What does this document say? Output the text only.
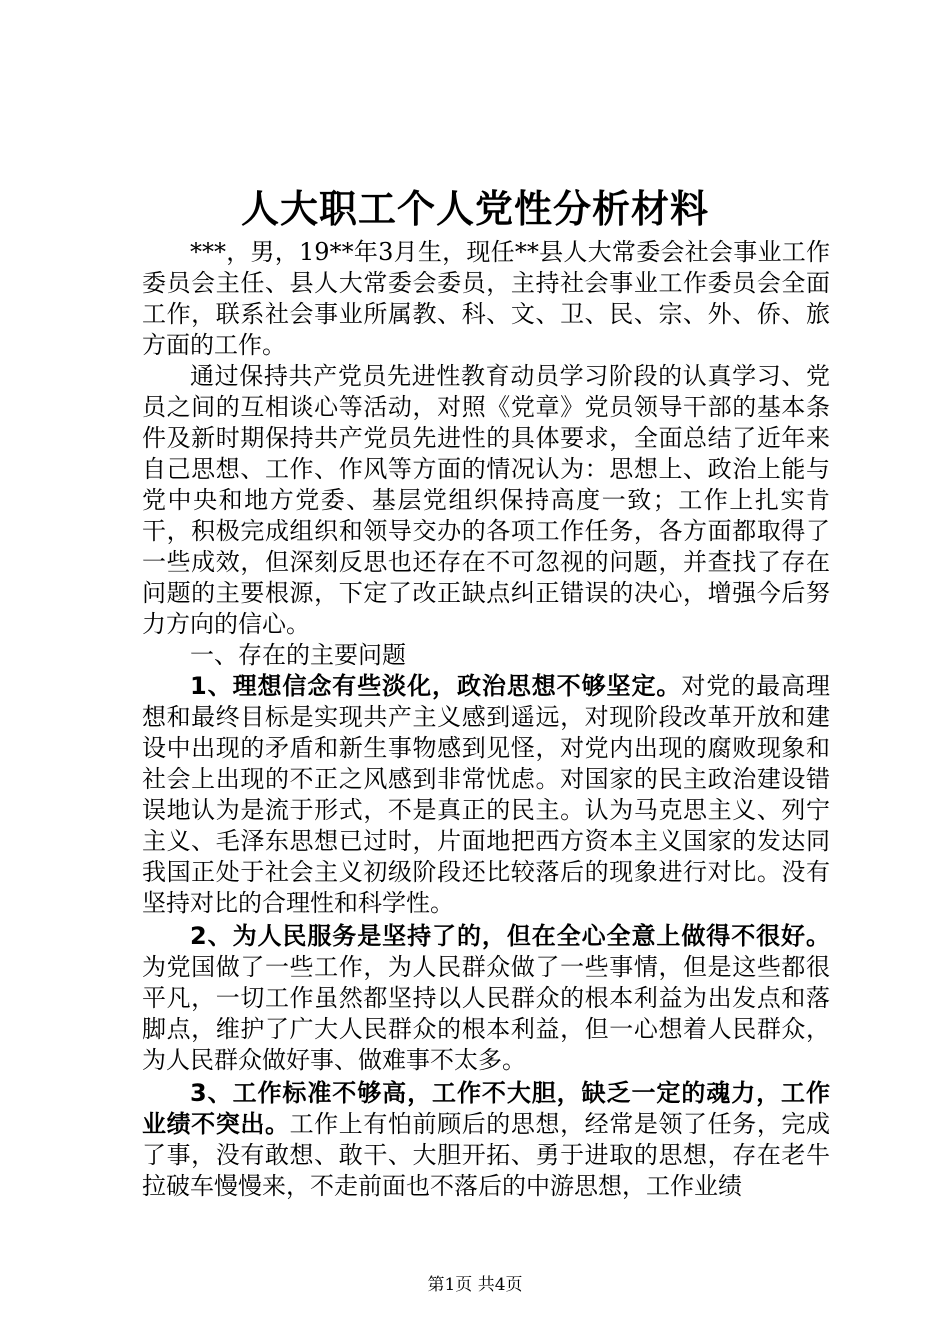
人大职工个人党性分析材料

***，男，19**年3月生，现任**县人大常委会社会事业工作委员会主任、县人大常委会委员，主持社会事业工作委员会全面工作，联系社会事业所属教、科、文、卫、民、宗、外、侨、旅方面的工作。

通过保持共产党员先进性教育动员学习阶段的认真学习、党员之间的互相谈心等活动，对照《党章》党员领导干部的基本条件及新时期保持共产党员先进性的具体要求，全面总结了近年来自己思想、工作、作风等方面的情况认为：思想上、政治上能与党中央和地方党委、基层党组织保持高度一致；工作上扎实肯干，积极完成组织和领导交办的各项工作任务，各方面都取得了一些成效，但深刻反思也还存在不可忽视的问题，并查找了存在问题的主要根源，下定了改正缺点纠正错误的决心，增强今后努力方向的信心。

一、存在的主要问题

1、理想信念有些淡化，政治思想不够坚定。对党的最高理想和最终目标是实现共产主义感到遥远，对现阶段改革开放和建设中出现的矛盾和新生事物感到见怪，对党内出现的腐败现象和社会上出现的不正之风感到非常忧虑。对国家的民主政治建设错误地认为是流于形式，不是真正的民主。认为马克思主义、列宁主义、毛泽东思想已过时，片面地把西方资本主义国家的发达同我国正处于社会主义初级阶段还比较落后的现象进行对比。没有坚持对比的合理性和科学性。

2、为人民服务是坚持了的，但在全心全意上做得不很好。为党国做了一些工作，为人民群众做了一些事情，但是这些都很平凡，一切工作虽然都坚持以人民群众的根本利益为出发点和落脚点，维护了广大人民群众的根本利益，但一心想着人民群众，为人民群众做好事、做难事不太多。

3、工作标准不够高，工作不大胆，缺乏一定的魂力，工作业绩不突出。工作上有怕前顾后的思想，经常是领了任务，完成了事，没有敢想、敢干、大胆开拓、勇于进取的思想，存在老牛拉破车慢慢来，不走前面也不落后的中游思想，工作业绩

第1页 共4页
